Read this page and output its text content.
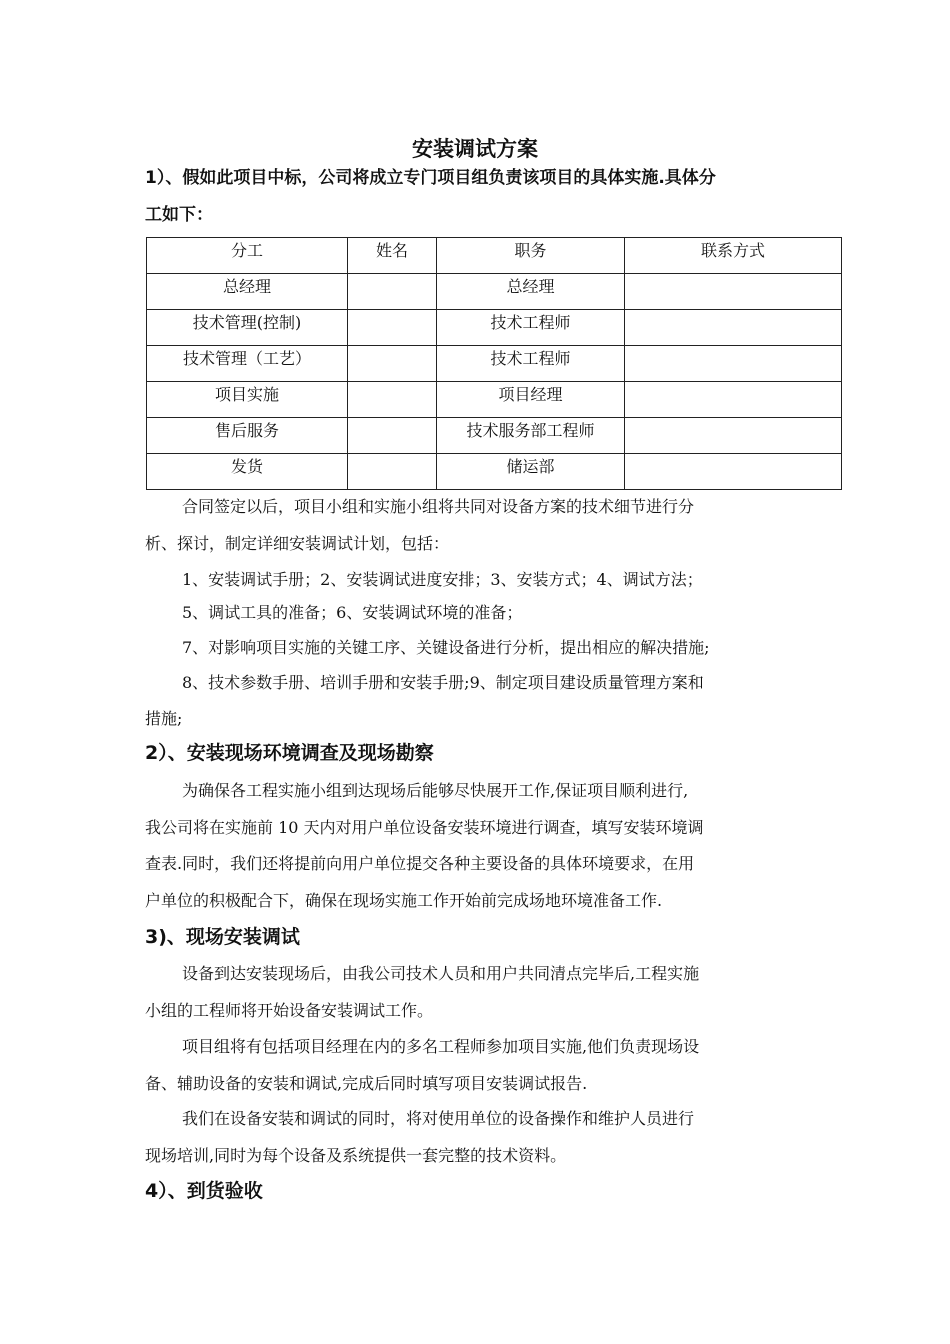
安装调试方案
1）、假如此项目中标，公司将成立专门项目组负责该项目的具体实施.具体分
工如下：
分工	姓名	职务	联系方式
总经理		总经理	
技术管理(控制)		技术工程师	
技术管理（工艺）		技术工程师	
项目实施		项目经理	
售后服务		技术服务部工程师	
发货		储运部	
合同签定以后，项目小组和实施小组将共同对设备方案的技术细节进行分
析、探讨，制定详细安装调试计划，包括：
1、安装调试手册；2、安装调试进度安排；3、安装方式；4、调试方法；
5、调试工具的准备；6、安装调试环境的准备；
7、对影响项目实施的关键工序、关键设备进行分析，提出相应的解决措施;
8、技术参数手册、培训手册和安装手册;9、制定项目建设质量管理方案和
措施;
2）、安装现场环境调查及现场勘察
为确保各工程实施小组到达现场后能够尽快展开工作,保证项目顺利进行,
我公司将在实施前 10 天内对用户单位设备安装环境进行调查，填写安装环境调
查表.同时，我们还将提前向用户单位提交各种主要设备的具体环境要求，在用
户单位的积极配合下，确保在现场实施工作开始前完成场地环境准备工作.
3)、现场安装调试
设备到达安装现场后，由我公司技术人员和用户共同清点完毕后,工程实施
小组的工程师将开始设备安装调试工作。
项目组将有包括项目经理在内的多名工程师参加项目实施,他们负责现场设
备、辅助设备的安装和调试,完成后同时填写项目安装调试报告.
我们在设备安装和调试的同时，将对使用单位的设备操作和维护人员进行
现场培训,同时为每个设备及系统提供一套完整的技术资料。
4）、到货验收
